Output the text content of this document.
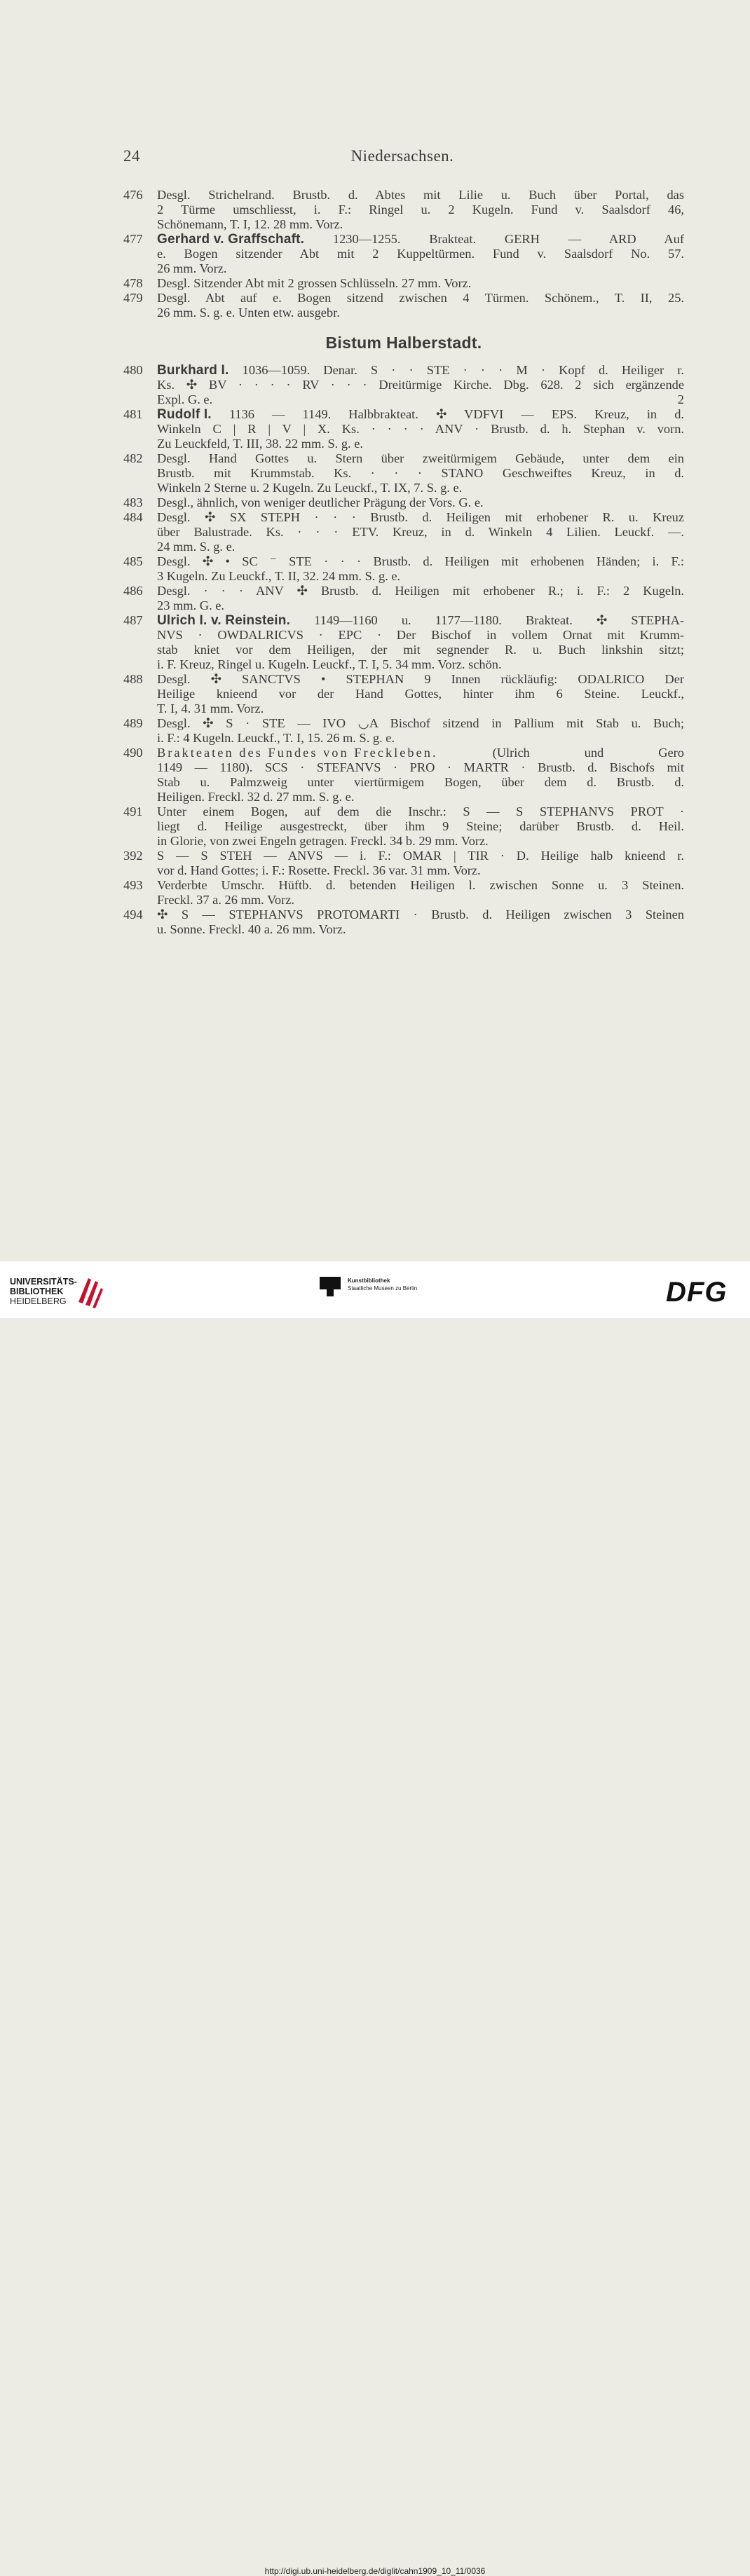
24	Niedersachsen.
476 Desgl. Strichelrand. Brustb. d. Abtes mit Lilie u. Buch über Portal, das
2 Türme umschliesst, i. F.: Ringel u. 2 Kugeln. Fund v. Saalsdorf 46,
Schönemann, T. I, 12. 28 mm. Vorz.
477 Gerhard v. Graffschaft. 1230—1255. Brakteat. GERH — ARD Auf
e. Bogen sitzender Abt mit 2 Kuppeltürmen. Fund v. Saalsdorf No. 57.
26 mm. Vorz.
478 Desgl. Sitzender Abt mit 2 grossen Schlüsseln. 27 mm. Vorz.
479 Desgl. Abt auf e. Bogen sitzend zwischen 4 Türmen. Schönem., T. II, 25.
26 mm. S. g. e. Unten etw. ausgebr.
Bistum Halberstadt.
480 Burkhard I. 1036—1059. Denar. S · · STE · · · M · Kopf d. Heiliger r.
Ks. ✣ BV · · · · RV · · · Dreitürmige Kirche. Dbg. 628. 2 sich ergänzende
Expl. G. e.	2
481 Rudolf I. 1136 — 1149. Halbbrakteat. ✣ VDFVI — EPS. Kreuz, in d.
Winkeln C | R | V | X. Ks. · · · · ANV · Brustb. d. h. Stephan v. vorn.
Zu Leuckfeld, T. III, 38. 22 mm. S. g. e.
482 Desgl. Hand Gottes u. Stern über zweitürmigem Gebäude, unter dem ein
Brustb. mit Krummstab. Ks. · · · STANO Geschweiftes Kreuz, in d.
Winkeln 2 Sterne u. 2 Kugeln. Zu Leuckf., T. IX, 7. S. g. e.
483 Desgl., ähnlich, von weniger deutlicher Prägung der Vors. G. e.
484 Desgl. ✣ SX STEPH · · · Brustb. d. Heiligen mit erhobener R. u. Kreuz
über Balustrade. Ks. · · · ETV. Kreuz, in d. Winkeln 4 Lilien. Leuckf. —.
24 mm. S. g. e.
485 Desgl. ✣ • SC ⁻ STE · · · Brustb. d. Heiligen mit erhobenen Händen; i. F.:
3 Kugeln. Zu Leuckf., T. II, 32. 24 mm. S. g. e.
486 Desgl. · · · ANV ✣ Brustb. d. Heiligen mit erhobener R.; i. F.: 2 Kugeln.
23 mm. G. e.
487 Ulrich I. v. Reinstein. 1149—1160 u. 1177—1180. Brakteat. ✣ STEPHA-
NVS · OWDALRICVS · EPC · Der Bischof in vollem Ornat mit Krumm-
stab kniet vor dem Heiligen, der mit segnender R. u. Buch linkshin sitzt;
i. F. Kreuz, Ringel u. Kugeln. Leuckf., T. I, 5. 34 mm. Vorz. schön.
488 Desgl. ✣ SANCTVS • STEPHAN 9 Innen rückläufig: ODALRICO Der
Heilige knieend vor der Hand Gottes, hinter ihm 6 Steine. Leuckf.,
T. I, 4. 31 mm. Vorz.
489 Desgl. ✣ S · STE — IVO ◡A Bischof sitzend in Pallium mit Stab u. Buch;
i. F.: 4 Kugeln. Leuckf., T. I, 15. 26 m. S. g. e.
490 Brakteaten des Fundes von Freckleben. (Ulrich und Gero
1149 — 1180). SCS · STEFANVS · PRO · MARTR · Brustb. d. Bischofs mit
Stab u. Palmzweig unter viertürmigem Bogen, über dem d. Brustb. d.
Heiligen. Freckl. 32 d. 27 mm. S. g. e.
491 Unter einem Bogen, auf dem die Inschr.: S — S STEPHANVS PROT ·
liegt d. Heilige ausgestreckt, über ihm 9 Steine; darüber Brustb. d. Heil.
in Glorie, von zwei Engeln getragen. Freckl. 34 b. 29 mm. Vorz.
392 S — S STEH — ANVS — i. F.: OMAR | TIR · D. Heilige halb knieend r.
vor d. Hand Gottes; i. F.: Rosette. Freckl. 36 var. 31 mm. Vorz.
493 Verderbte Umschr. Hüftb. d. betenden Heiligen l. zwischen Sonne u. 3 Steinen.
Freckl. 37 a. 26 mm. Vorz.
494 ✣ S — STEPHANVS PROTOMARTI · Brustb. d. Heiligen zwischen 3 Steinen
u. Sonne. Freckl. 40 a. 26 mm. Vorz.
UNIVERSITÄTS-
BIBLIOTHEK
HEIDELBERG
Kunstbibliothek
Staatliche Museen zu Berlin	DFG
http://digi.ub.uni-heidelberg.de/diglit/cahn1909_10_11/0036
